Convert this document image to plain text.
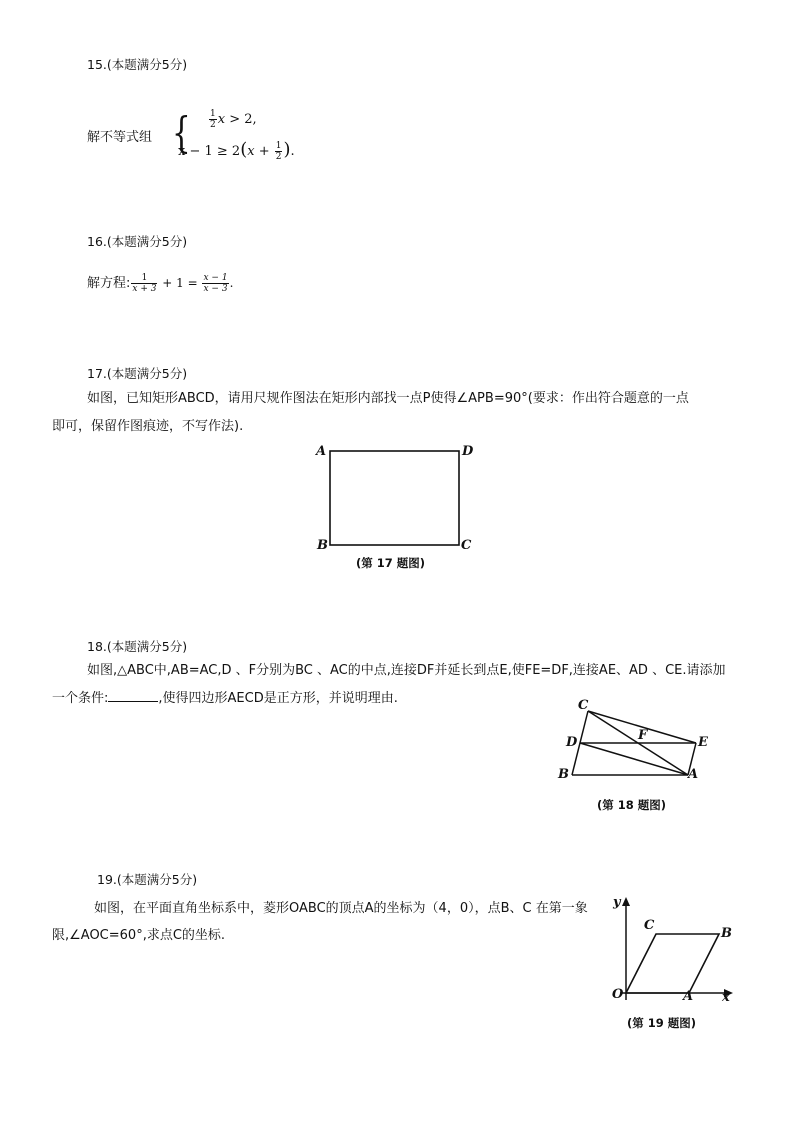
15.(本题满分5分)
解不等式组 { $\frac{1}{2}$ x > 2,
$x - 1 \ge 2(x + \frac{1}{2}$ ).
16.(本题满分5分)
解方程: $\frac{1}{x + 3} + 1 = \frac{x - 1}{x - 3}$ .
17.(本题满分5分)
如图，已知矩形ABCD，请用尺规作图法在矩形内部找一点P使得∠APB=90°(要求：作出符合题意的一点
即可，保留作图痕迹，不写作法).
A	D
B	C
(第 17 题图)
18.(本题满分5分)
如图,△ABC中,AB=AC,D 、F分别为BC 、AC的中点,连接DF并延长到点E,使FE=DF,连接AE、AD 、CE.请添加
一个条件:	,使得四边形AECD是正方形，并说明理由.	C
D	F	E
B	A
(第 18 题图)
19.(本题满分5分)
如图，在平面直角坐标系中，菱形OABC的顶点A的坐标为（4，0），点B、C 在第一象
限,∠AOC=60°,求点C的坐标.
y
C
B
O	A x
(第 19 题图)
